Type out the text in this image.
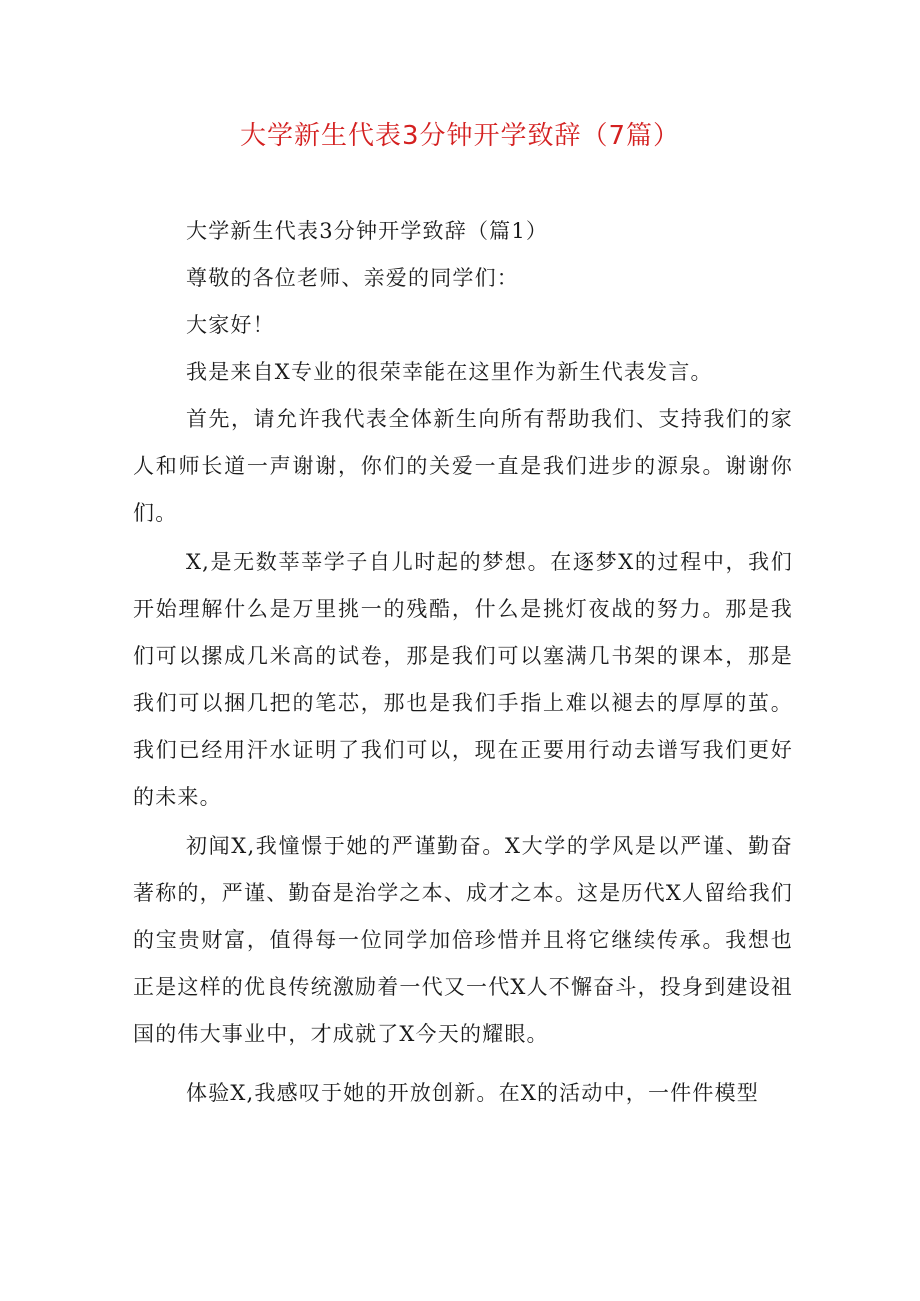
大学新生代表3分钟开学致辞（7篇）

大学新生代表3分钟开学致辞（篇1）

尊敬的各位老师、亲爱的同学们：

大家好！

我是来自X专业的很荣幸能在这里作为新生代表发言。

首先，请允许我代表全体新生向所有帮助我们、支持我们的家人和师长道一声谢谢，你们的关爱一直是我们进步的源泉。谢谢你们。

X,是无数莘莘学子自儿时起的梦想。在逐梦X的过程中，我们开始理解什么是万里挑一的残酷，什么是挑灯夜战的努力。那是我们可以摞成几米高的试卷，那是我们可以塞满几书架的课本，那是我们可以捆几把的笔芯，那也是我们手指上难以褪去的厚厚的茧。我们已经用汗水证明了我们可以，现在正要用行动去谱写我们更好的未来。

初闻X,我憧憬于她的严谨勤奋。X大学的学风是以严谨、勤奋著称的，严谨、勤奋是治学之本、成才之本。这是历代X人留给我们的宝贵财富，值得每一位同学加倍珍惜并且将它继续传承。我想也正是这样的优良传统激励着一代又一代X人不懈奋斗，投身到建设祖国的伟大事业中，才成就了X今天的耀眼。

体验X,我感叹于她的开放创新。在X的活动中，一件件模型
